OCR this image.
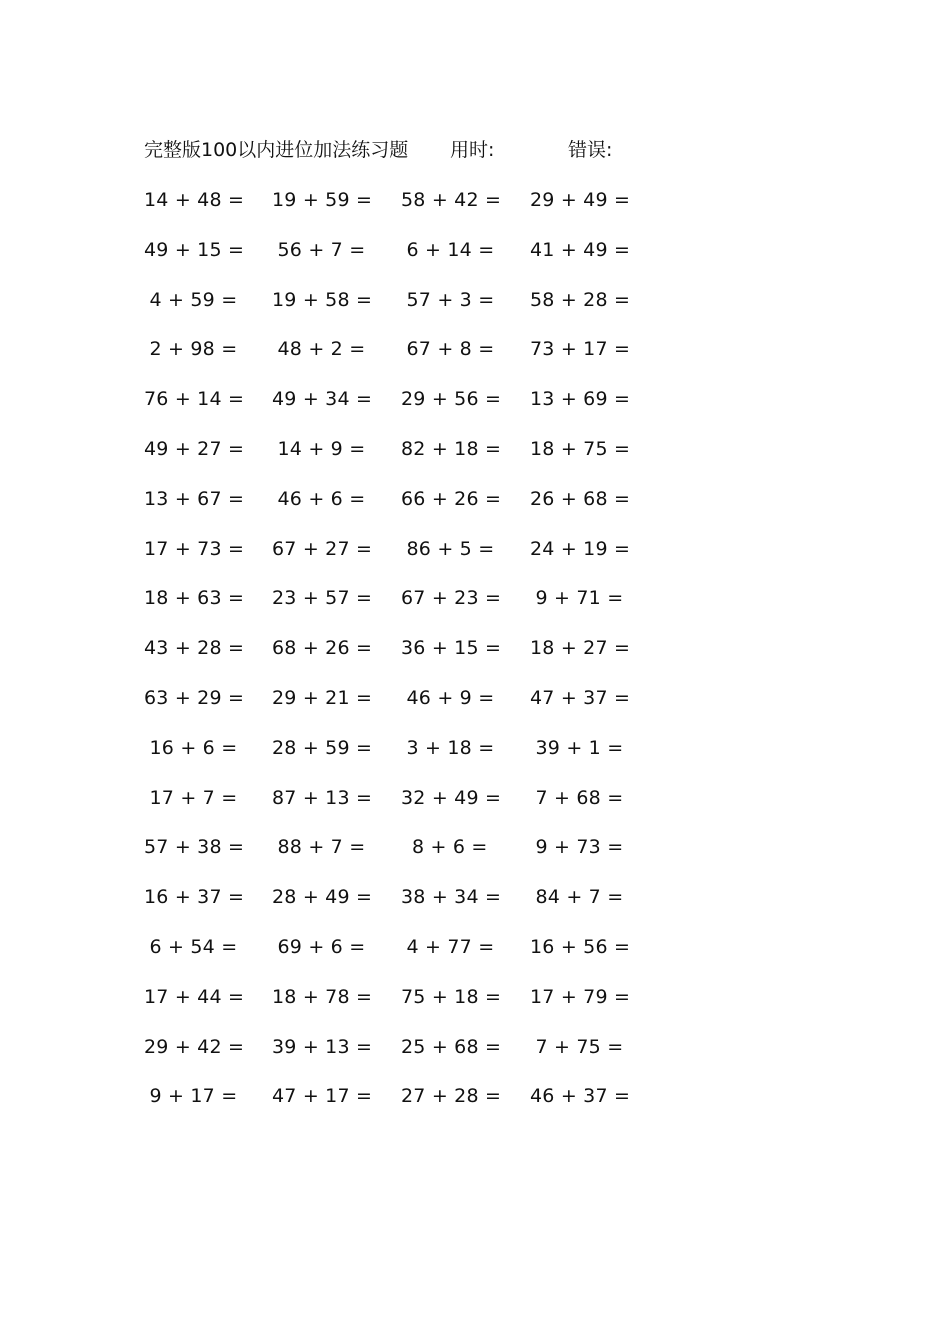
完整版100以内进位加法练习题 用时:	错误:
14 + 48 = 19 + 59 = 58 + 42 = 29 + 49 =
49 + 15 = 56 + 7 =	6 + 14 =	41 + 49 =
4 + 59 =	19 + 58 = 57 + 3 =	58 + 28 =
2 + 98 =	48 + 2 =	67 + 8 =	73 + 17 =
76 + 14 = 49 + 34 = 29 + 56 = 13 + 69 =
49 + 27 = 14 + 9 =	82 + 18 = 18 + 75 =
13 + 67 = 46 + 6 =	66 + 26 = 26 + 68 =
17 + 73 = 67 + 27 = 86 + 5 =	24 + 19 =
18 + 63 = 23 + 57 = 67 + 23 = 9 + 71 =
43 + 28 = 68 + 26 = 36 + 15 = 18 + 27 =
63 + 29 = 29 + 21 = 46 + 9 =	47 + 37 =
16 + 6 =	28 + 59 = 3 + 18 =	39 + 1 =
17 + 7 =	87 + 13 = 32 + 49 = 7 + 68 =
57 + 38 = 88 + 7 =	8 + 6 =	9 + 73 =
16 + 37 = 28 + 49 = 38 + 34 = 84 + 7 =
6 + 54 =	69 + 6 =	4 + 77 =	16 + 56 =
17 + 44 = 18 + 78 = 75 + 18 = 17 + 79 =
29 + 42 = 39 + 13 = 25 + 68 = 7 + 75 =
9 + 17 =	47 + 17 = 27 + 28 = 46 + 37 =
